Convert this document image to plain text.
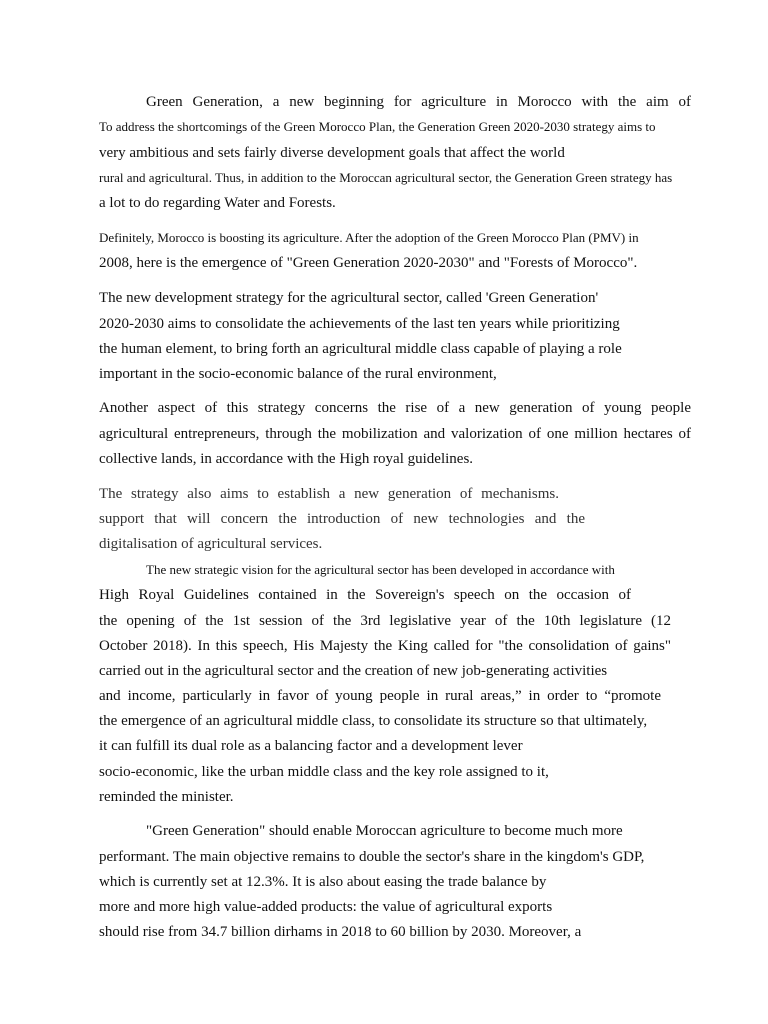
Green Generation, a new beginning for agriculture in Morocco with the aim of
To address the shortcomings of the Green Morocco Plan, the Generation Green 2020-2030 strategy aims to
very ambitious and sets fairly diverse development goals that affect the world
rural and agricultural. Thus, in addition to the Moroccan agricultural sector, the Generation Green strategy has
a lot to do regarding Water and Forests.
Definitely, Morocco is boosting its agriculture. After the adoption of the Green Morocco Plan (PMV) in
2008, here is the emergence of "Green Generation 2020-2030" and "Forests of Morocco".
The new development strategy for the agricultural sector, called 'Green Generation'
2020-2030 aims to consolidate the achievements of the last ten years while prioritizing
the human element, to bring forth an agricultural middle class capable of playing a role
important in the socio-economic balance of the rural environment,
Another aspect of this strategy concerns the rise of a new generation of young people
agricultural entrepreneurs, through the mobilization and valorization of one million hectares of
collective lands, in accordance with the High royal guidelines.
The strategy also aims to establish a new generation of mechanisms.
support that will concern the introduction of new technologies and the
digitalisation of agricultural services.
The new strategic vision for the agricultural sector has been developed in accordance with
High Royal Guidelines contained in the Sovereign's speech on the occasion of
the opening of the 1st session of the 3rd legislative year of the 10th legislature (12
October 2018). In this speech, His Majesty the King called for "the consolidation of gains"
carried out in the agricultural sector and the creation of new job-generating activities
and income, particularly in favor of young people in rural areas,” in order to “promote
the emergence of an agricultural middle class, to consolidate its structure so that ultimately,
it can fulfill its dual role as a balancing factor and a development lever
socio-economic, like the urban middle class and the key role assigned to it,
reminded the minister.
"Green Generation" should enable Moroccan agriculture to become much more
performant. The main objective remains to double the sector's share in the kingdom's GDP,
which is currently set at 12.3%. It is also about easing the trade balance by
more and more high value-added products: the value of agricultural exports
should rise from 34.7 billion dirhams in 2018 to 60 billion by 2030. Moreover, a
